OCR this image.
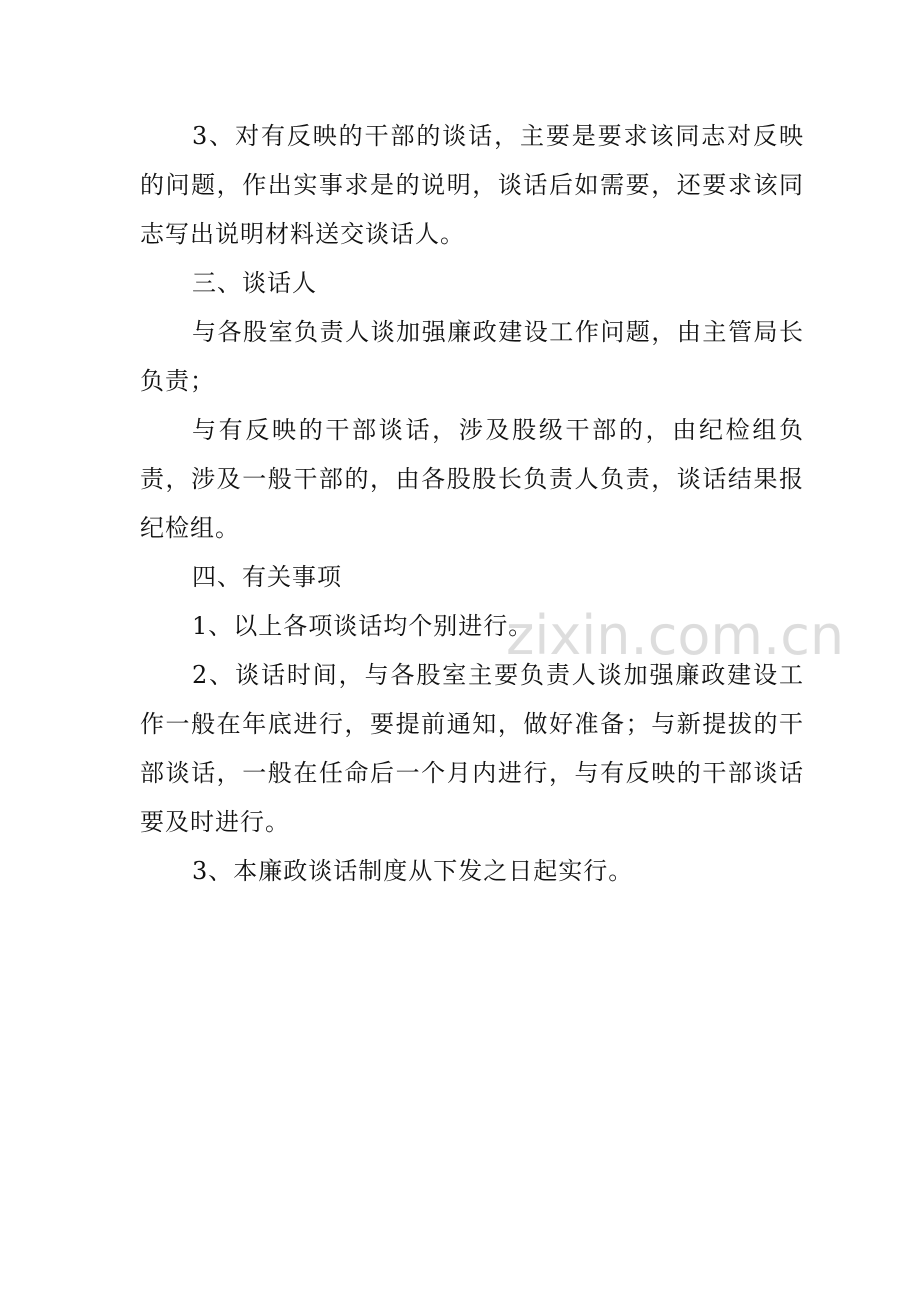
3、对有反映的干部的谈话，主要是要求该同志对反映的问题，作出实事求是的说明，谈话后如需要，还要求该同志写出说明材料送交谈话人。

三、谈话人

与各股室负责人谈加强廉政建设工作问题，由主管局长负责；

与有反映的干部谈话，涉及股级干部的，由纪检组负责，涉及一般干部的，由各股股长负责人负责，谈话结果报纪检组。

四、有关事项

1、以上各项谈话均个别进行。

2、谈话时间，与各股室主要负责人谈加强廉政建设工作一般在年底进行，要提前通知，做好准备；与新提拔的干部谈话，一般在任命后一个月内进行，与有反映的干部谈话要及时进行。

3、本廉政谈话制度从下发之日起实行。

zixin.com.cn
